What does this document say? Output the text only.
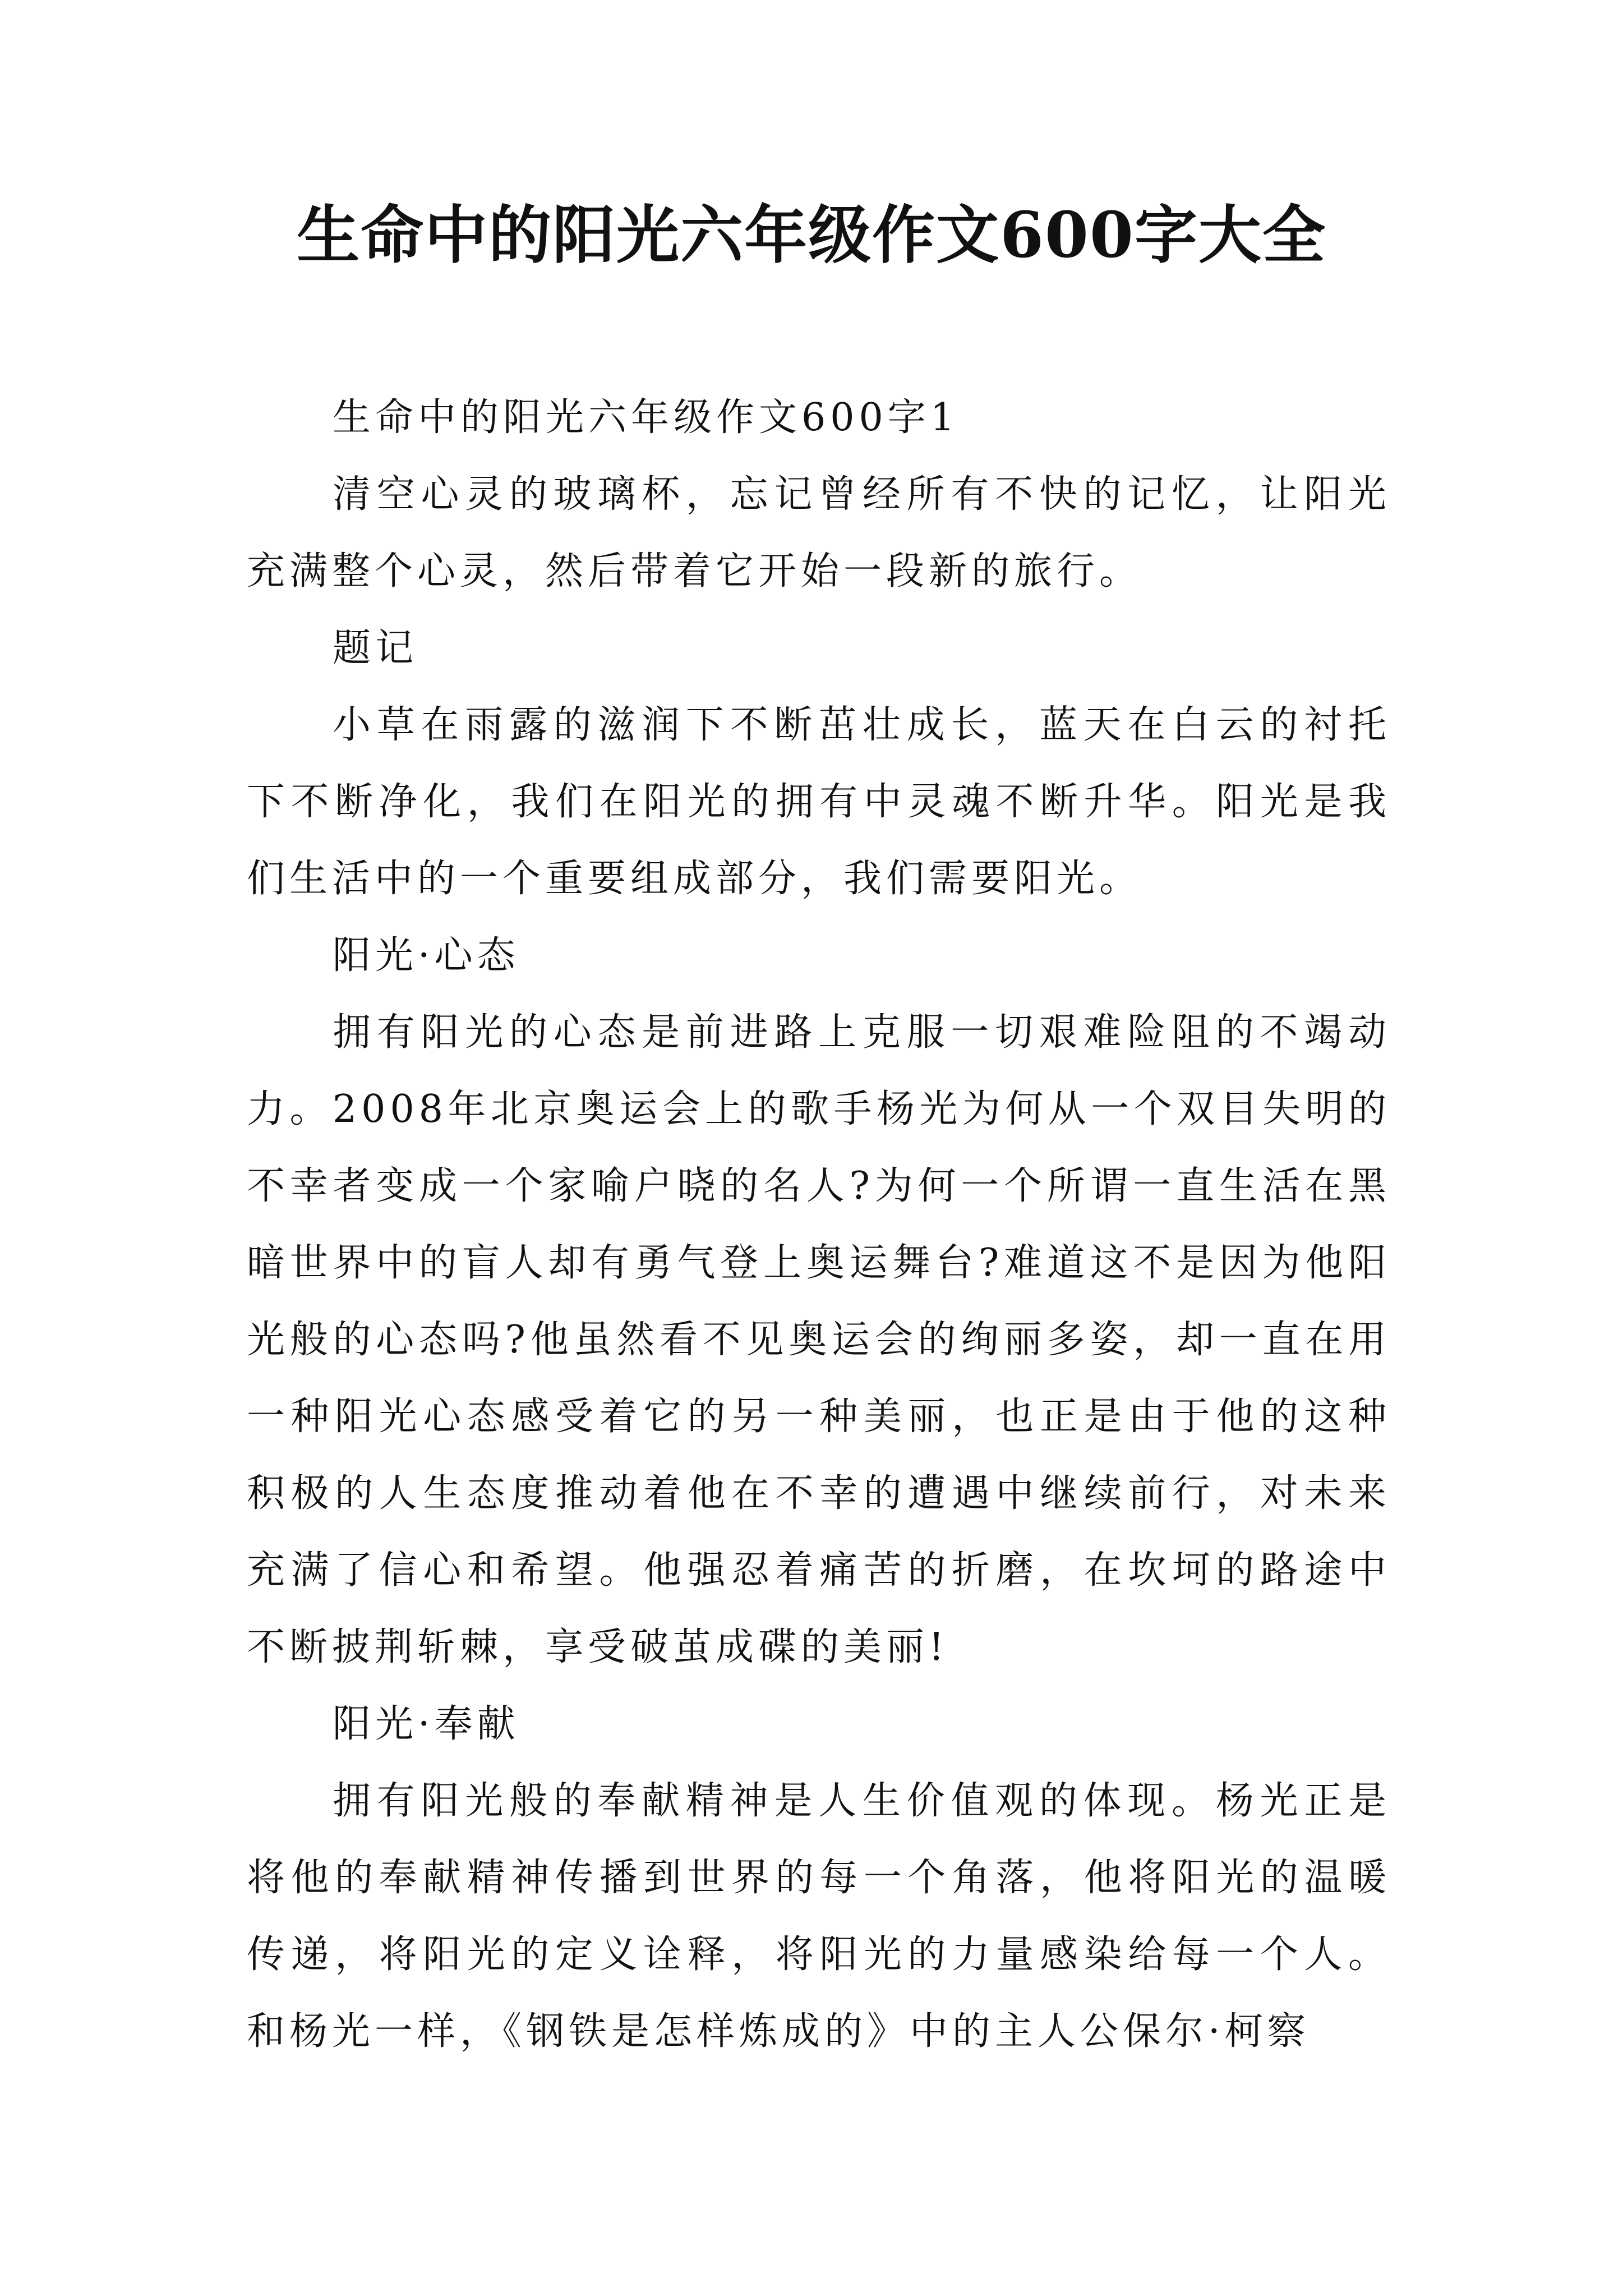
生命中的阳光六年级作文600字大全

生命中的阳光六年级作文600字1

清空心灵的玻璃杯，忘记曾经所有不快的记忆，让阳光充满整个心灵，然后带着它开始一段新的旅行。

题记

小草在雨露的滋润下不断茁壮成长，蓝天在白云的衬托下不断净化，我们在阳光的拥有中灵魂不断升华。阳光是我们生活中的一个重要组成部分，我们需要阳光。

阳光·心态

拥有阳光的心态是前进路上克服一切艰难险阻的不竭动力。2008年北京奥运会上的歌手杨光为何从一个双目失明的不幸者变成一个家喻户晓的名人?为何一个所谓一直生活在黑暗世界中的盲人却有勇气登上奥运舞台?难道这不是因为他阳光般的心态吗?他虽然看不见奥运会的绚丽多姿，却一直在用一种阳光心态感受着它的另一种美丽，也正是由于他的这种积极的人生态度推动着他在不幸的遭遇中继续前行，对未来充满了信心和希望。他强忍着痛苦的折磨，在坎坷的路途中不断披荆斩棘，享受破茧成碟的美丽!

阳光·奉献

拥有阳光般的奉献精神是人生价值观的体现。杨光正是将他的奉献精神传播到世界的每一个角落，他将阳光的温暖传递，将阳光的定义诠释，将阳光的力量感染给每一个人。和杨光一样，《钢铁是怎样炼成的》中的主人公保尔·柯察
